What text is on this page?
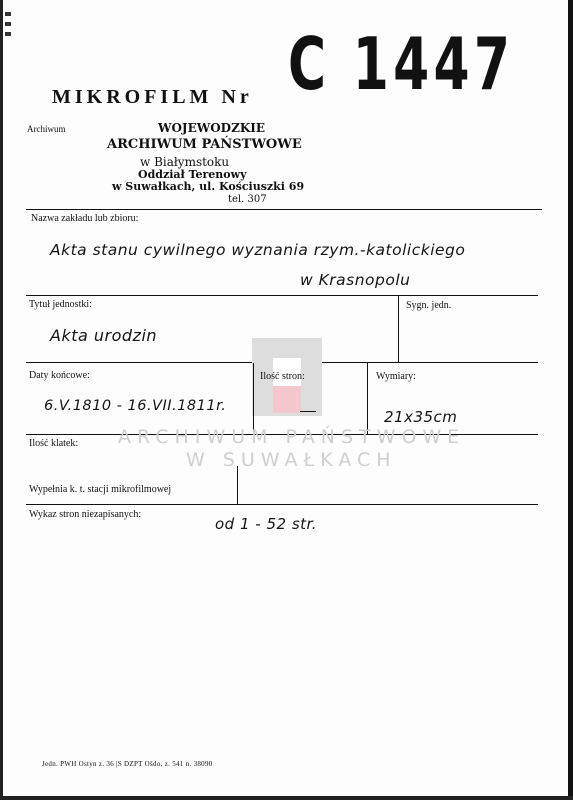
MIKROFILM Nr C 1447
Archiwum	WOJEWODZKIE
ARCHIWUM PAŃSTWOWE
w Białymstoku
Oddział Terenowy
w Suwałkach, ul. Kościuszki 69
tel. 307
Nazwa zakładu lub zbioru:
Akta stanu cywilnego wyznania rzym.-katolickiego
w Krasnopolu
Tytuł jednostki:
Akta urodzin
Sygn. jedn.
Daty końcowe:
6.V.1810 - 16.VII.1811r.
Ilość stron:	Wymiary:
21x35cm
ARCHIWUM PAŃSTWOWE
W SUWAŁKACH
Ilość klatek:
Wypełnia k. t. stacji mikrofilmowej
Wykaz stron niezapisanych:
od 1 - 52 str.
Jedn. PWH Ostyn z. 36 |S DZPT Ošdo, z. 541 n. 38090
